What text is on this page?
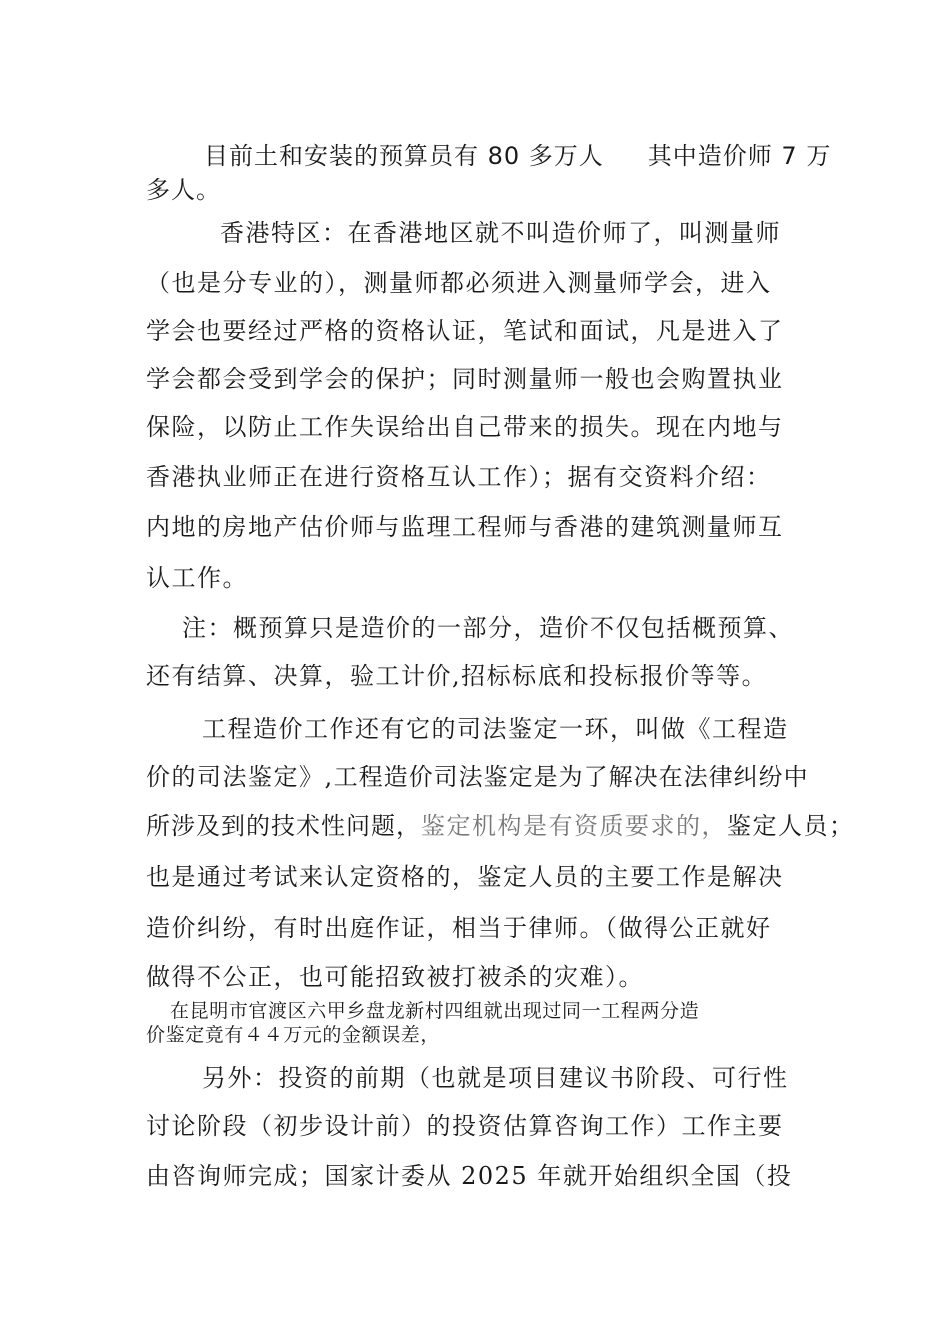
目前土和安装的预算员有 80 多万人 其中造价师 7 万
多人。
香港特区：在香港地区就不叫造价师了，叫测量师
（也是分专业的），测量师都必须进入测量师学会，进入
学会也要经过严格的资格认证，笔试和面试，凡是进入了
学会都会受到学会的保护；同时测量师一般也会购置执业
保险，以防止工作失误给出自己带来的损失。现在内地与
香港执业师正在进行资格互认工作）；据有交资料介绍：
内地的房地产估价师与监理工程师与香港的建筑测量师互
认工作。
注：概预算只是造价的一部分，造价不仅包括概预算、
还有结算、决算，验工计价,招标标底和投标报价等等。
工程造价工作还有它的司法鉴定一环，叫做《工程造
价的司法鉴定》,工程造价司法鉴定是为了解决在法律纠纷中
所涉及到的技术性问题，鉴定机构是有资质要求的，鉴定人员；
也是通过考试来认定资格的，鉴定人员的主要工作是解决
造价纠纷，有时出庭作证，相当于律师。（做得公正就好
做得不公正，也可能招致被打被杀的灾难）。
在昆明市官渡区六甲乡盘龙新村四组就出现过同一工程两分造
价鉴定竟有４４万元的金额误差，
另外：投资的前期（也就是项目建议书阶段、可行性
讨论阶段（初步设计前）的投资估算咨询工作）工作主要
由咨询师完成；国家计委从 2025 年就开始组织全国（投
